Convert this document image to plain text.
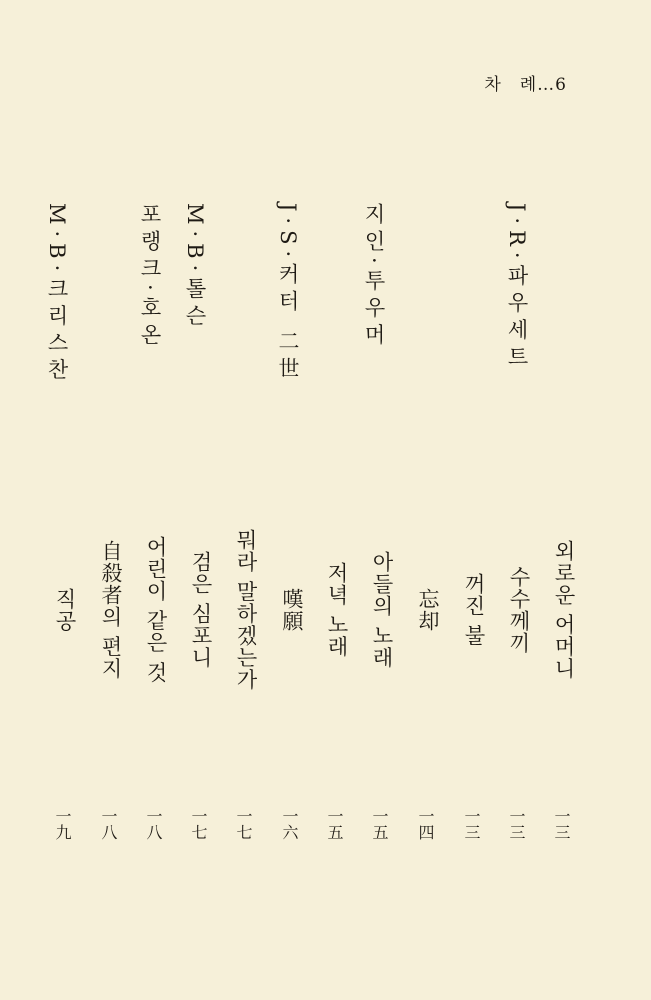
차 례…6
J·R·파우세트
지인·투우머
J·S·커터 二世
M·B·톨슨
포랭크·호온
M·B·크리스찬
외로운 어머니
一三
수수께끼
一三
꺼진 불
一三
忘却
一四
아들의 노래
一五
저녁 노래
一五
嘆願
一六
뭐라 말하겠는가
一七
검은 심포니
一七
어린이 같은 것
一八
自殺者의 편지
一八
직공
一九
